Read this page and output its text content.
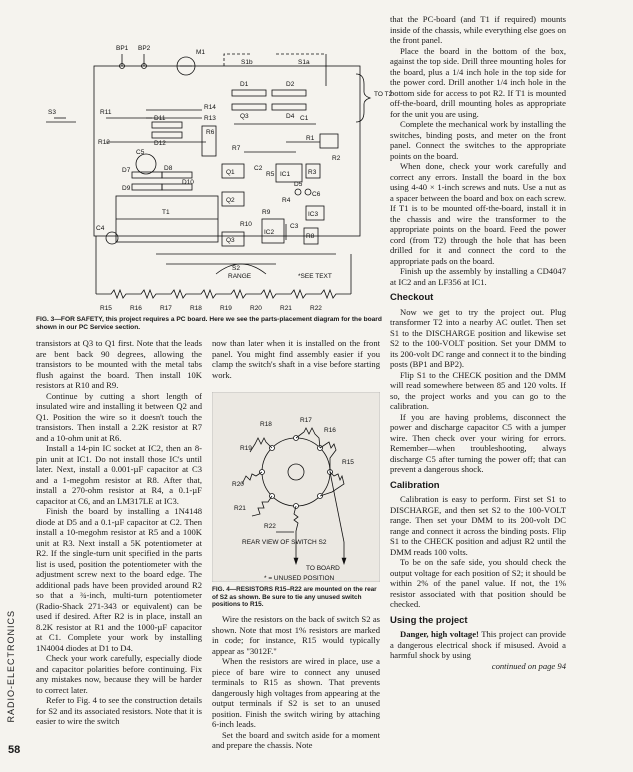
RADIO-ELECTRONICS
58
BP1 BP2
M1
S1b	S1a
TO T2
S3
R14
R13
R11
D11
D12
D1	D2
Q3	D4
R6
C1
R12
C5
D7	D8
D9
D10
R7
R1
R2
Q1
C2
R5 IC1	R3
D5
C6
R4
Q2
R9	IC3
R10
IC2
C3
R8
T1
Q3
C4
S2
RANGE	*SEE TEXT
R15	R16	R17	R18	R19	R20	R21	R22
FIG. 3—FOR SAFETY, this project requires a PC board. Here we see the parts-placement diagram for the board shown in our PC Service section.

transistors at Q3 to Q1 first. Note that the leads are bent back 90 degrees, allowing the transistors to be mounted with the metal tabs flush against the board. Then install 10K resistors at R10 and R9.

Continue by cutting a short length of insulated wire and installing it between Q2 and Q1. Position the wire so it doesn't touch the transistors. Then install a 2.2K resistor at R7 and a 10-ohm unit at R6.

Install a 14-pin IC socket at IC2, then an 8-pin unit at IC1. Do not install those IC's until later. Next, install a 0.001-µF capacitor at C3 and a 1-megohm resistor at R8. After that, install a 270-ohm resistor at R4, a 0.1-µF capacitor at C6, and an LM317LE at IC3.

Finish the board by installing a 1N4148 diode at D5 and a 0.1-µF capacitor at C2. Then install a 10-megohm resistor at R5 and a 100K unit at R3. Next install a 5K potentiometer at R2. If the single-turn unit specified in the parts list is used, position the potentiometer with the adjustment screw next to the board edge. The additional pads have been provided around R2 so that a ¾-inch, multi-turn potentiometer (Radio-Shack 271-343 or equivalent) can be used if desired. After R2 is in place, install an 8.2K resistor at R1 and the 1000-µF capacitor at C1. Complete your work by installing 1N4004 diodes at D1 to D4.

Check your work carefully, especially diode and capacitor polarities before continuing. Fix any mistakes now, because they will be harder to correct later.

Refer to Fig. 4 to see the construction details for S2 and its associated resistors. Note that it is easier to wire the switch

now than later when it is installed on the front panel. You might find assembly easier if you clamp the switch's shaft in a vise before starting work.

R18
R17
R16
R19
R15
R20
R21
R22
REAR VIEW OF SWITCH S2
TO BOARD
* = UNUSED POSITION
FIG. 4—RESISTORS R15–R22 are mounted on the rear of S2 as shown. Be sure to tie any unused switch positions to R15.

Wire the resistors on the back of switch S2 as shown. Note that most 1% resistors are marked in code; for instance, R15 would typically appear as "3012F."

When the resistors are wired in place, use a piece of bare wire to connect any unused terminals to R15 as shown. That prevents dangerously high voltages from appearing at the output terminals if S2 is set to an unused position. Finish the switch wiring by attaching 6-inch leads.

Set the board and switch aside for a moment and prepare the chassis. Note

that the PC-board (and T1 if required) mounts inside of the chassis, while everything else goes on the front panel.

Place the board in the bottom of the box, against the top side. Drill three mounting holes for the board, plus a 1/4 inch hole in the top side for the power cord. Drill another 1/4 inch hole in the bottom side for access to pot R2. If T1 is mounted off-the-board, drill mounting holes as appropriate for the unit you are using.

Complete the mechanical work by installing the switches, binding posts, and meter on the front panel. Connect the switches to the appropriate points on the board.

When done, check your work carefully and correct any errors. Install the board in the box using 4-40 × 1-inch screws and nuts. Use a nut as a spacer between the board and box on each screw. If T1 is to be mounted off-the-board, install it in the chassis and wire the transformer to the appropriate points on the board. Feed the power cord (from T2) through the hole that has been drilled for it and connect the cord to the appropriate pads on the board.

Finish up the assembly by installing a CD4047 at IC2 and an LF356 at IC1.

Checkout

Now we get to try the project out. Plug transformer T2 into a nearby AC outlet. Then set S1 to the DISCHARGE position and likewise set S2 to the 100-VOLT position. Set your DMM to its 200-volt DC range and connect it to the binding posts (BP1 and BP2).

Flip S1 to the CHECK position and the DMM will read somewhere between 85 and 120 volts. If so, the project works and you can go to the calibration.

If you are having problems, disconnect the power and discharge capacitor C5 with a jumper wire. Then check over your wiring for errors. Remember—when troubleshooting, always discharge C5 after turning the power off; that can prevent a dangerous shock.

Calibration

Calibration is easy to perform. First set S1 to DISCHARGE, and then set S2 to the 100-VOLT range. Then set your DMM to its 200-volt DC range and connect it across the binding posts. Flip S1 to the CHECK position and adjust R2 until the DMM reads 100 volts.

To be on the safe side, you should check the output voltage for each position of S2; it should be within 2% of the panel value. If not, the 1% resistor associated with that position should be checked.

Using the project

Danger, high voltage! This project can provide a dangerous electrical shock if misused. Avoid a harmful shock by using

continued on page 94
